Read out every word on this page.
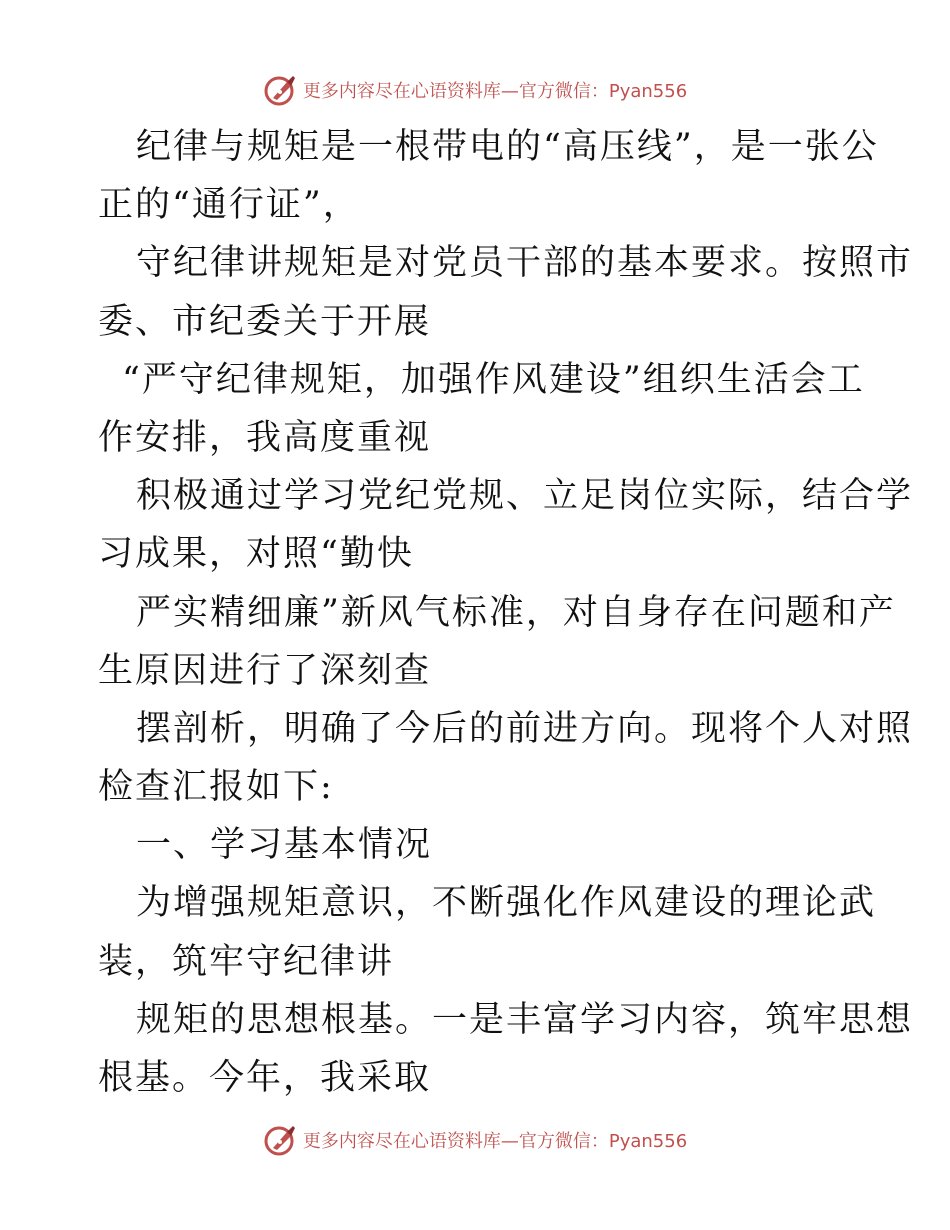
更多内容尽在心语资料库—官方微信：Pyan556
纪律与规矩是一根带电的“高压线”，是一张公
正的“通行证”，
守纪律讲规矩是对党员干部的基本要求。按照市
委、市纪委关于开展
“严守纪律规矩，加强作风建设”组织生活会工
作安排，我高度重视
积极通过学习党纪党规、立足岗位实际，结合学
习成果，对照“勤快
严实精细廉”新风气标准，对自身存在问题和产
生原因进行了深刻查
摆剖析，明确了今后的前进方向。现将个人对照
检查汇报如下:
一、学习基本情况
为增强规矩意识，不断强化作风建设的理论武
装，筑牢守纪律讲
规矩的思想根基。一是丰富学习内容，筑牢思想
根基。今年，我采取
更多内容尽在心语资料库—官方微信：Pyan556
